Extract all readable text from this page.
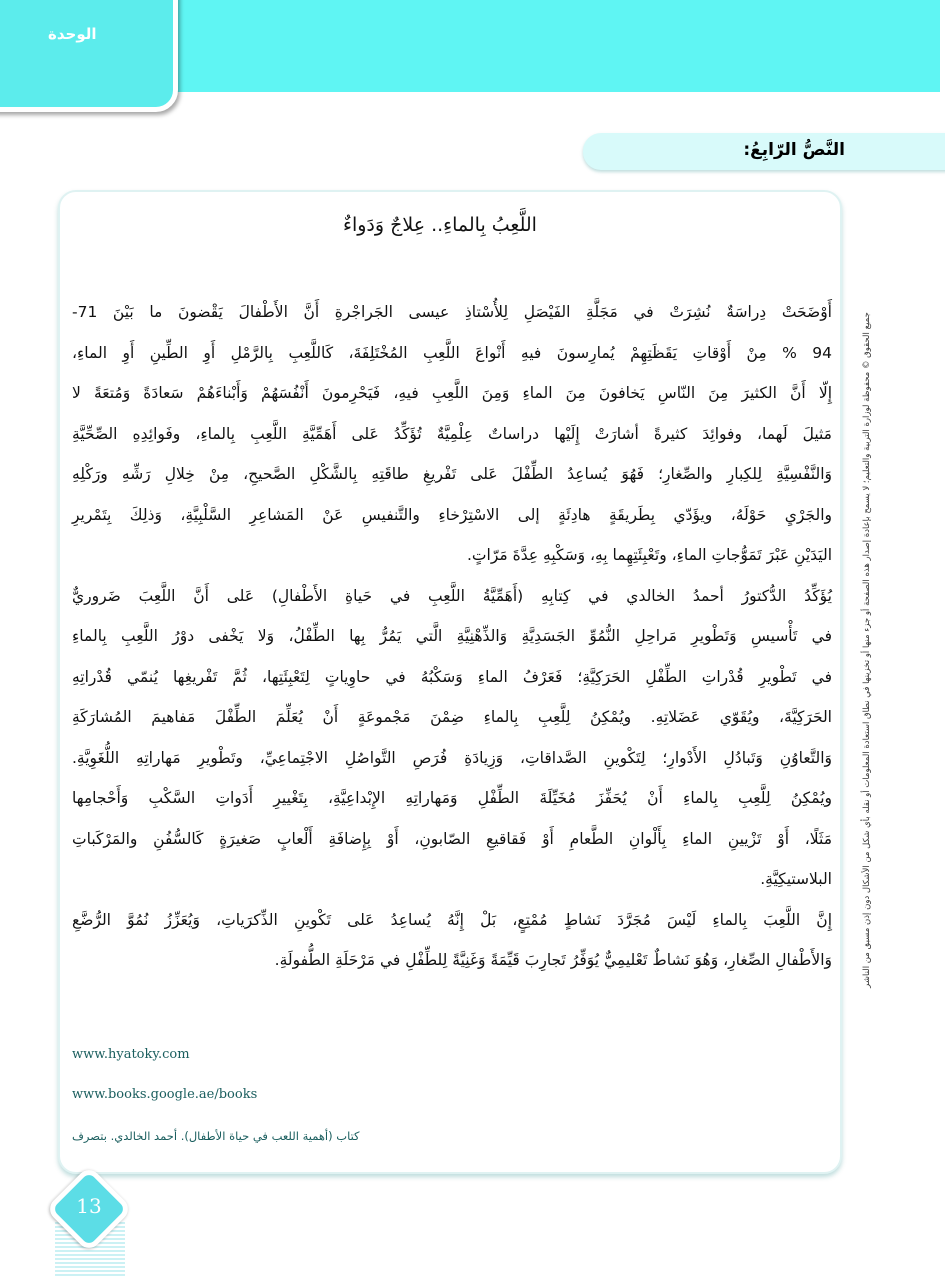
الوحدة
النَّصُّ الرّابِعُ:
اللَّعِبُ بِالماءِ.. عِلاجٌ وَدَواءٌ
أَوْضَحَتْ دِراسَةٌ نُشِرَتْ في مَجَلَّةِ الفَيْصَلِ لِلأُسْتاذِ عيسى الجَراجْرةِ أَنَّ الأَطْفالَ يَقْضونَ ما بَيْنَ 71-
94 % مِنْ أَوْقاتِ يَقَظَتِهِمْ يُمارِسونَ فيهِ أَنْواعَ اللَّعِبِ المُخْتَلِفَةَ، كَاللَّعِبِ بِالرَّمْلِ أَوِ الطِّينِ أَوِ الماءِ،
إِلّا أَنَّ الكثيرَ مِنَ النّاسِ يَخافونَ مِنَ الماءِ وَمِنَ اللَّعِبِ فيهِ، فَيَحْرِمونَ أَنْفُسَهُمْ وَأَبْناءَهُمْ سَعادَةً وَمُتعَةً لا
مَثيلَ لَهما، وفوائِدَ كثيرةً أشارَتْ إِلَيْها دراساتٌ عِلْمِيَّةٌ تُؤَكِّدُ عَلى أَهَمِّيَّةِ اللَّعِبِ بِالماءِ، وفَوائِدِهِ الصِّحِّيَّةِ
وَالنَّفْسِيَّةِ لِلكِبارِ والصِّغارِ؛ فَهُوَ يُساعِدُ الطِّفْلَ عَلى تَفْريغِ طاقَتِهِ بِالشَّكْلِ الصَّحيحِ، مِنْ خِلالِ رَشِّهِ ورَكْلِهِ
والجَرْيِ حَوْلَهُ، ويؤَدّي بِطَريقَةٍ هادِئَةٍ إلى الاسْتِرْخاءِ والتَّنفيسِ عَنْ المَشاعِرِ السَّلْبِيَّةِ، وَذلِكَ بِتَمْريرِ
اليَدَيْنِ عَبْرَ تَمَوُّجاتِ الماءِ، وتَعْبِئَتِهِما بِهِ، وَسَكْبِهِ عِدَّةَ مَرّاتٍ.
يُؤَكِّدُ الدُّكتورُ أحمدُ الخالدي في كِتابِهِ (أَهَمِّيَّةُ اللَّعِبِ في حَياةِ الأَطْفالِ) عَلى أَنَّ اللَّعِبَ ضَروريٌّ
في تَأْسيسِ وَتَطْويرِ مَراحِلِ النُّمُوِّ الجَسَدِيَّةِ وَالذِّهْنِيَّةِ الَّتي يَمُرُّ بِها الطِّفْلُ، وَلا يَخْفى دوْرُ اللَّعِبِ بِالماءِ
في تَطْويرِ قُدْراتِ الطِّفْلِ الحَرَكِيَّةِ؛ فَعَرْفُ الماءِ وَسَكْبُهُ في حاوِياتٍ لِتَعْبِئَتِها، ثُمَّ تَفْريغِها يُنمّي قُدْراتِهِ
الحَرَكِيَّةَ، ويُقَوّي عَضَلاتِهِ. ويُمْكِنُ لِلَّعِبِ بِالماءِ ضِمْنَ مَجْموعَةٍ أَنْ يُعَلِّمَ الطِّفْلَ مَفاهيمَ المُشارَكَةِ
وَالتَّعاوُنِ وَتَبادُلِ الأَدْوارِ؛ لِتَكْوينِ الصَّداقاتِ، وَزِيادَةِ فُرَصِ التَّواصُلِ الاجْتِماعِيِّ، وتَطْويرِ مَهاراتِهِ اللُّغَوِيَّةِ.
ويُمْكِنُ لِلَّعِبِ بِالماءِ أَنْ يُحَفِّزَ مُخَيِّلَةَ الطِّفْلِ وَمَهاراتِهِ الإِبْداعِيَّةِ، بِتَغْييرِ أَدَواتِ السَّكْبِ وَأَحْجامِها
مَثَلًا، أَوْ تَزْيينِ الماءِ بِأَلْوانِ الطَّعامِ أَوْ فَقاقيعِ الصّابونِ، أَوْ بِإِضافَةِ أَلْعابٍ صَغيرَةٍ كَالسُّفُنِ والمَرْكَباتِ
البلاستيكِيَّةِ.
إِنَّ اللَّعِبَ بِالماءِ لَيْسَ مُجَرَّدَ نَشاطٍ مُمْتِعٍ، بَلْ إِنَّهُ يُساعِدُ عَلى تَكْوينِ الذِّكرَياتِ، وَيُعَزِّزُ نُمُوَّ الرُّضَّعِ
وَالأَطْفالِ الصِّغارِ، وَهُوَ نَشاطٌ تَعْليمِيٌّ يُوَفِّرُ تَجارِبَ قَيِّمَةً وَغَنِيَّةً لِلطِّفْلِ في مَرْحَلَةِ الطُّفولَةِ.
www.hyatoky.com
www.books.google.ae/books
كتاب (أهمية اللعب في حياة الأطفال). أحمد الخالدي. بتصرف
جميع الحقوق © محفوظة لوزارة التربية والتعليم؛ لا يسمح بإعادة إصدار هذه الصفحة أو جزء منها أو تخزينها في نطاق استعادة المعلومات أو نقله بأي شكل من الأشكال دون إذن مسبق من الناشر
13
